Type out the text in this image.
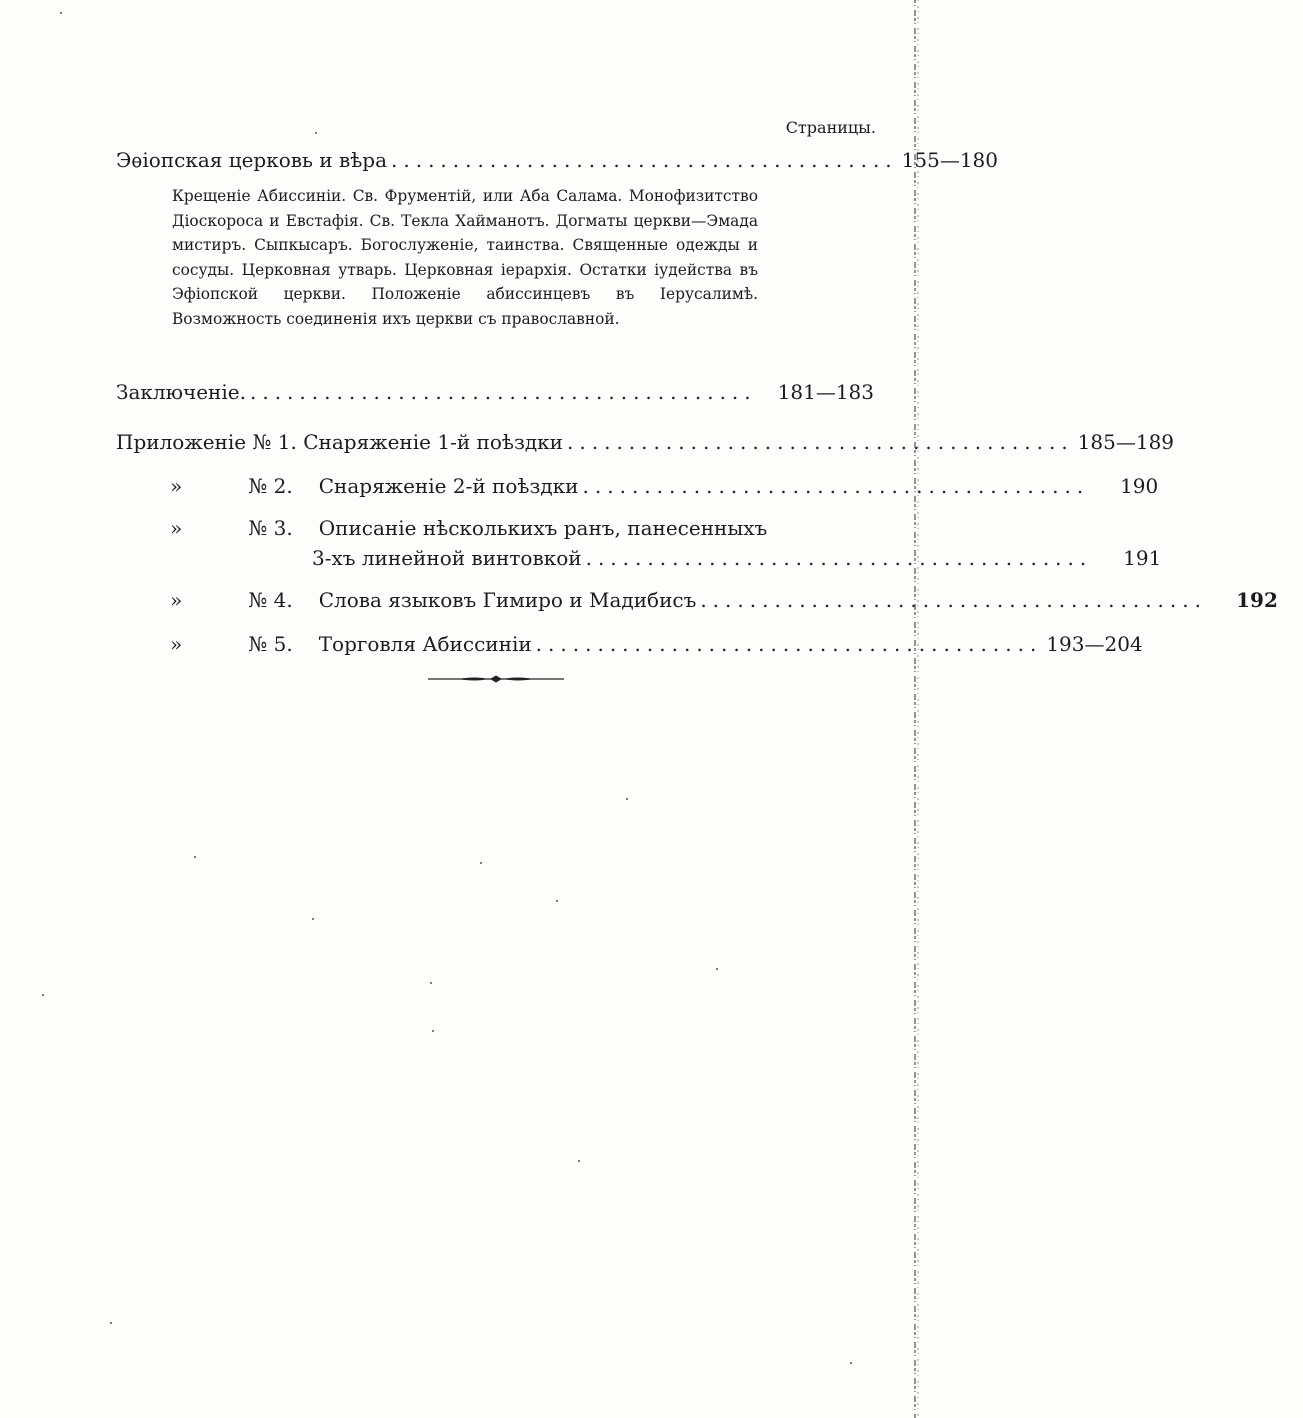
Страницы.
Эѳіопская церковь и вѣра ......................................... 155—180
Крещеніе Абиссиніи. Св. Фрументій, или Аба Салама. Монофизитство Діоскороса и Евстафія. Св. Текла Хайманотъ. Догматы церкви—Эмада мистиръ. Сыпкысаръ. Богослуженіе, таинства. Священные одежды и сосуды. Церковная утварь. Церковная іерархія. Остатки іудейства въ Эфіопской церкви. Положеніе абиссинцевъ въ Іерусалимѣ. Возможность соединенія ихъ церкви съ православной.
Заключеніе. .........................................	181—183
Приложеніе № 1. Снаряженіе 1-й поѣздки ......................................... 185—189
»	№ 2. Снаряженіе 2-й поѣздки .........................................	190
»	№ 3. Описаніе нѣсколькихъ ранъ, панесенныхъ
3-хъ линейной винтовкой .........................................	191
»	№ 4. Слова языковъ Гимиро и Мадибисъ .........................................	192
»	№ 5. Торговля Абиссиніи ......................................... 193—204
